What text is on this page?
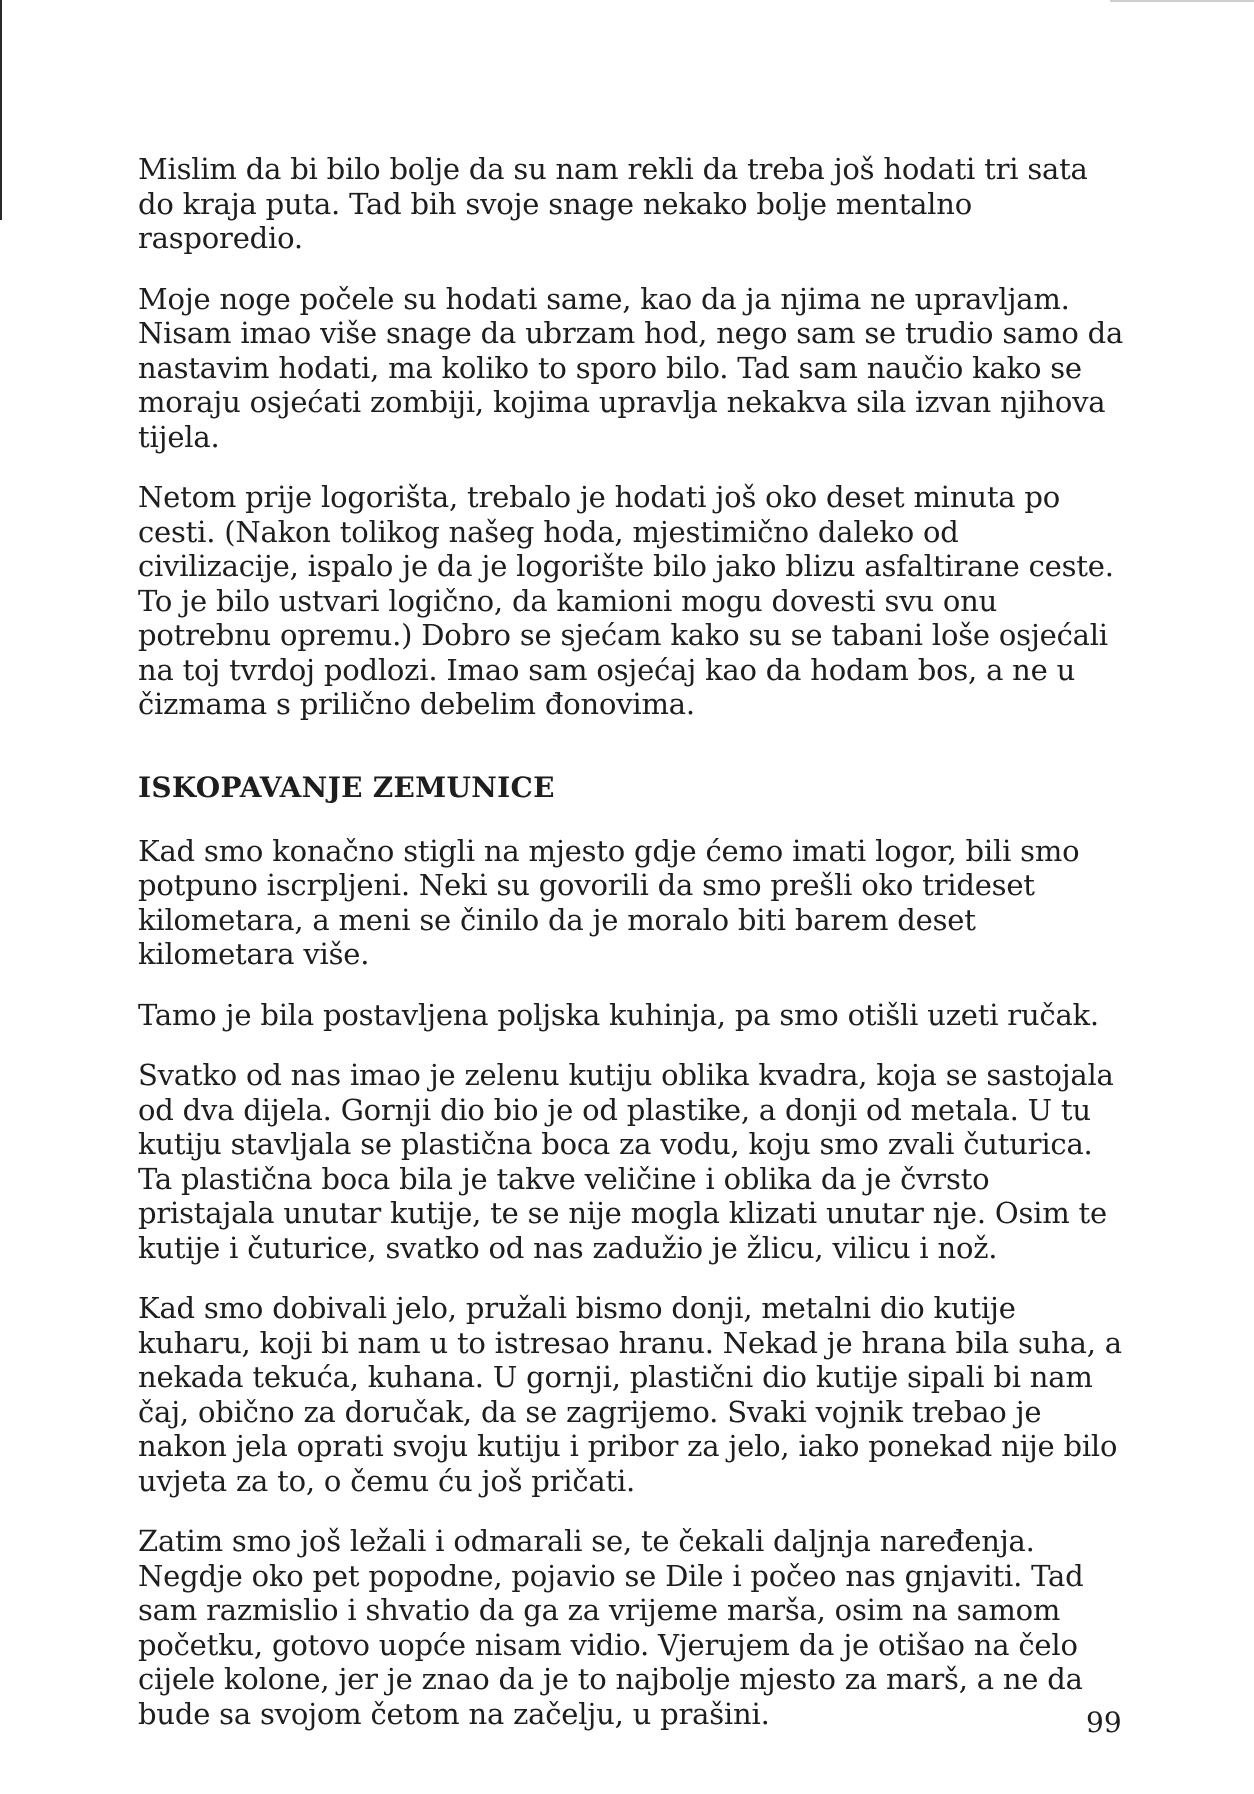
Mislim da bi bilo bolje da su nam rekli da treba još hodati tri sata do kraja puta. Tad bih svoje snage nekako bolje mentalno rasporedio.

Moje noge počele su hodati same, kao da ja njima ne upravljam. Nisam imao više snage da ubrzam hod, nego sam se trudio samo da nastavim hodati, ma koliko to sporo bilo. Tad sam naučio kako se moraju osjećati zombiji, kojima upravlja nekakva sila izvan njihova tijela.

Netom prije logorišta, trebalo je hodati još oko deset minuta po cesti. (Nakon tolikog našeg hoda, mjestimično daleko od civilizacije, ispalo je da je logorište bilo jako blizu asfaltirane ceste. To je bilo ustvari logično, da kamioni mogu dovesti svu onu potrebnu opremu.) Dobro se sjećam kako su se tabani loše osjećali na toj tvrdoj podlozi. Imao sam osjećaj kao da hodam bos, a ne u čizmama s prilično debelim đonovima.

ISKOPAVANJE ZEMUNICE

Kad smo konačno stigli na mjesto gdje ćemo imati logor, bili smo potpuno iscrpljeni. Neki su govorili da smo prešli oko trideset kilometara, a meni se činilo da je moralo biti barem deset kilometara više.

Tamo je bila postavljena poljska kuhinja, pa smo otišli uzeti ručak.

Svatko od nas imao je zelenu kutiju oblika kvadra, koja se sastojala od dva dijela. Gornji dio bio je od plastike, a donji od metala. U tu kutiju stavljala se plastična boca za vodu, koju smo zvali čuturica. Ta plastična boca bila je takve veličine i oblika da je čvrsto pristajala unutar kutije, te se nije mogla klizati unutar nje. Osim te kutije i čuturice, svatko od nas zadužio je žlicu, vilicu i nož.

Kad smo dobivali jelo, pružali bismo donji, metalni dio kutije kuharu, koji bi nam u to istresao hranu. Nekad je hrana bila suha, a nekada tekuća, kuhana. U gornji, plastični dio kutije sipali bi nam čaj, obično za doručak, da se zagrijemo. Svaki vojnik trebao je nakon jela oprati svoju kutiju i pribor za jelo, iako ponekad nije bilo uvjeta za to, o čemu ću još pričati.

Zatim smo još ležali i odmarali se, te čekali daljnja naređenja. Negdje oko pet popodne, pojavio se Dile i počeo nas gnjaviti. Tad sam razmislio i shvatio da ga za vrijeme marša, osim na samom početku, gotovo uopće nisam vidio. Vjerujem da je otišao na čelo cijele kolone, jer je znao da je to najbolje mjesto za marš, a ne da bude sa svojom četom na začelju, u prašini.	99
